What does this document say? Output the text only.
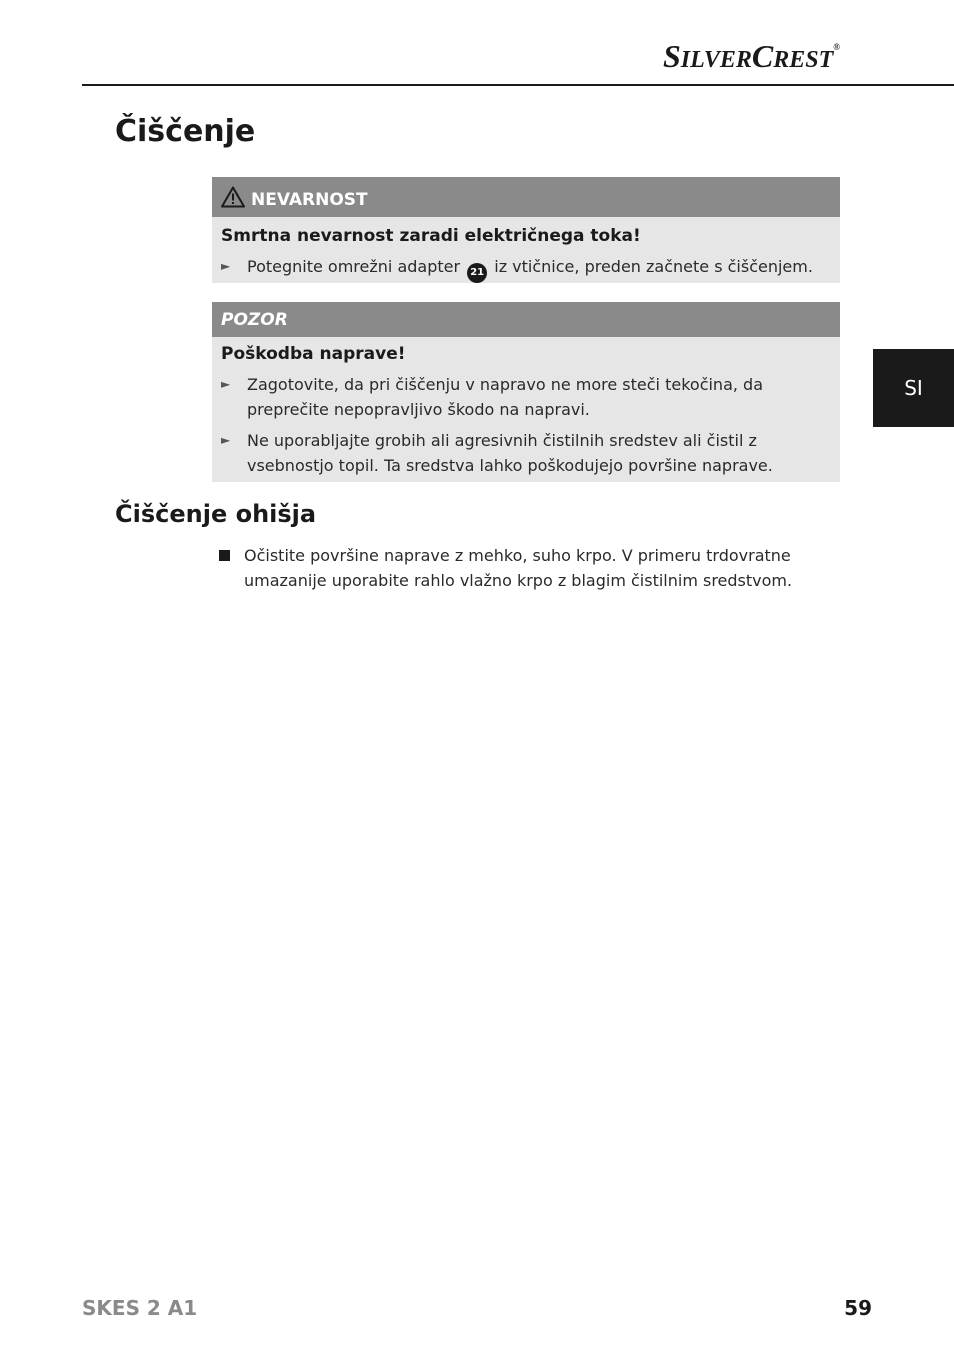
SILVERCREST®
SI
Čiščenje
NEVARNOST

Smrtna nevarnost zaradi električnega toka!

►	Potegnite omrežni adapter 21 iz vtičnice, preden začnete s čiščenjem.
POZOR

Poškodba naprave!

►	Zagotovite, da pri čiščenju v napravo ne more steči tekočina, da preprečite nepopravljivo škodo na napravi.
►	Ne uporabljajte grobih ali agresivnih čistilnih sredstev ali čistil z vsebnostjo topil. Ta sredstva lahko poškodujejo površine naprave.
Čiščenje ohišja
Očistite površine naprave z mehko, suho krpo. V primeru trdovratne umazanije uporabite rahlo vlažno krpo z blagim čistilnim sredstvom.
SKES 2 A1	59
